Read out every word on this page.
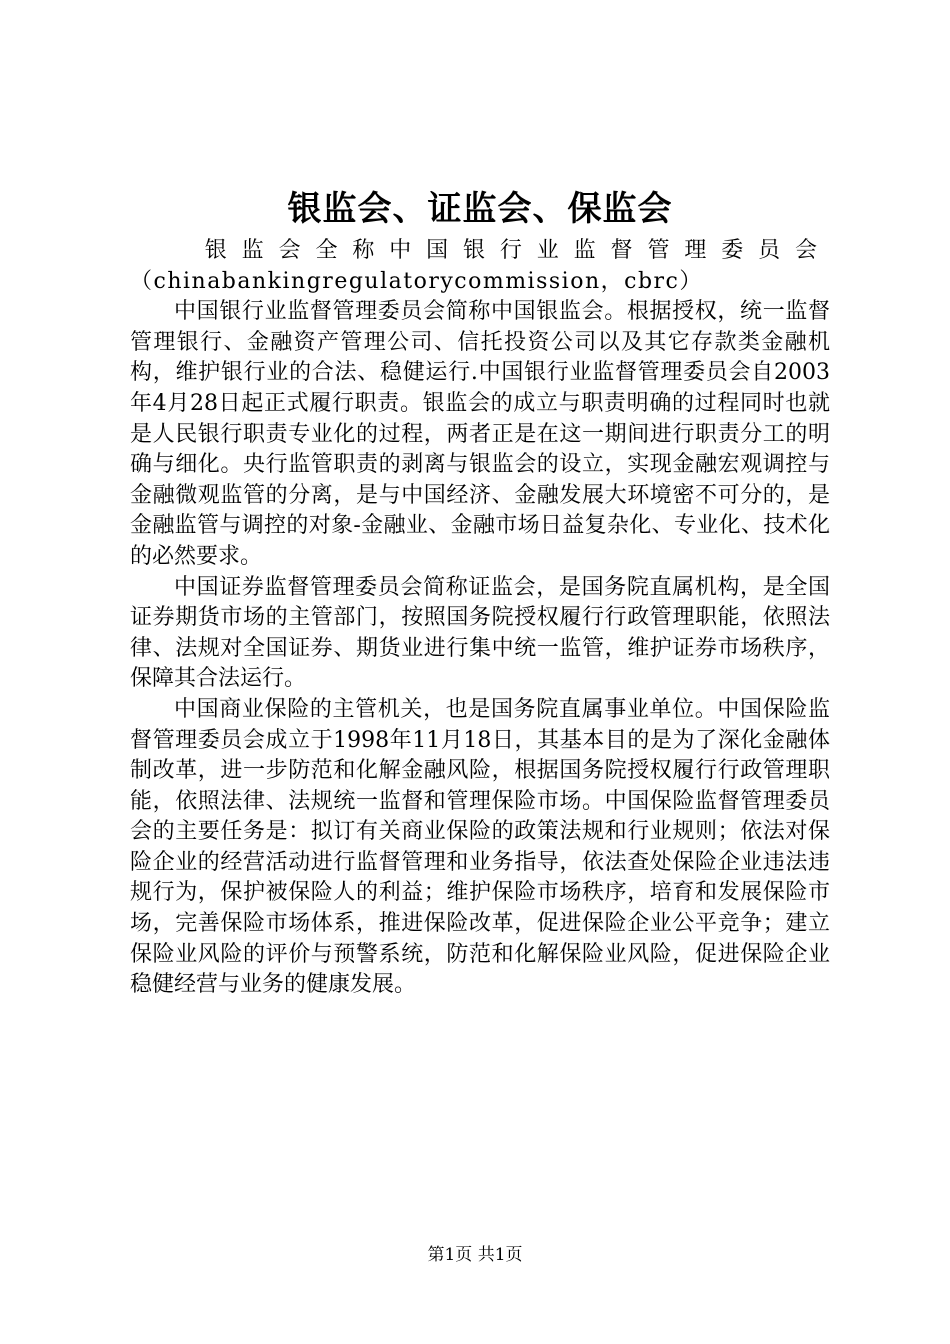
银监会、证监会、保监会

银监会全称中国银行业监督管理委员会（chinabankingregulatorycommission，cbrc）

中国银行业监督管理委员会简称中国银监会。根据授权，统一监督管理银行、金融资产管理公司、信托投资公司以及其它存款类金融机构，维护银行业的合法、稳健运行.中国银行业监督管理委员会自2003年4月28日起正式履行职责。银监会的成立与职责明确的过程同时也就是人民银行职责专业化的过程，两者正是在这一期间进行职责分工的明确与细化。央行监管职责的剥离与银监会的设立，实现金融宏观调控与金融微观监管的分离，是与中国经济、金融发展大环境密不可分的，是金融监管与调控的对象-金融业、金融市场日益复杂化、专业化、技术化的必然要求。

中国证券监督管理委员会简称证监会，是国务院直属机构，是全国证券期货市场的主管部门，按照国务院授权履行行政管理职能，依照法律、法规对全国证券、期货业进行集中统一监管，维护证券市场秩序，保障其合法运行。

中国商业保险的主管机关，也是国务院直属事业单位。中国保险监督管理委员会成立于1998年11月18日，其基本目的是为了深化金融体制改革，进一步防范和化解金融风险，根据国务院授权履行行政管理职能，依照法律、法规统一监督和管理保险市场。中国保险监督管理委员会的主要任务是：拟订有关商业保险的政策法规和行业规则；依法对保险企业的经营活动进行监督管理和业务指导，依法查处保险企业违法违规行为，保护被保险人的利益；维护保险市场秩序，培育和发展保险市场，完善保险市场体系，推进保险改革，促进保险企业公平竞争；建立保险业风险的评价与预警系统，防范和化解保险业风险，促进保险企业稳健经营与业务的健康发展。

第1页 共1页
